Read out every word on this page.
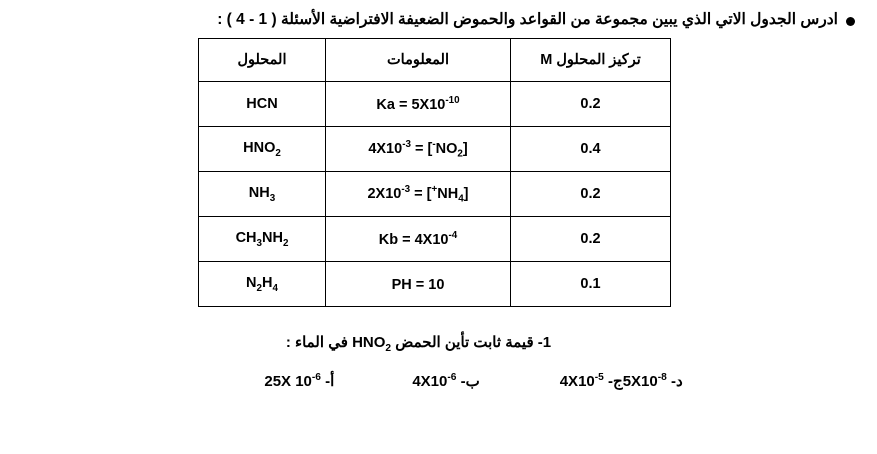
ادرس الجدول الاتي الذي يبين مجموعة من القواعد والحموض الضعيفة الافتراضية الأسئلة ( 1 - 4 ) :
تركيز المحلول M	المعلومات	المحلول
0.2	$Ka = 5X10^{-10}$	HCN
0.4	$[NO_2^-] = 4X10^{-3}$	$HNO_2$
0.2	$[NH_4^+] = 2X10^{-3}$	$NH_3$
0.2	$Kb = 4X10^{-4}$	$CH_3NH_2$
0.1	PH = 10	$N_2H_4$
1- قيمة ثابت تأين الحمض $HNO_2$ في الماء :
أ- 25X $10^{-6}$	ب- $4X10^{-6}$	ج- $4X10^{-5}$	د- $5X10^{-8}$
